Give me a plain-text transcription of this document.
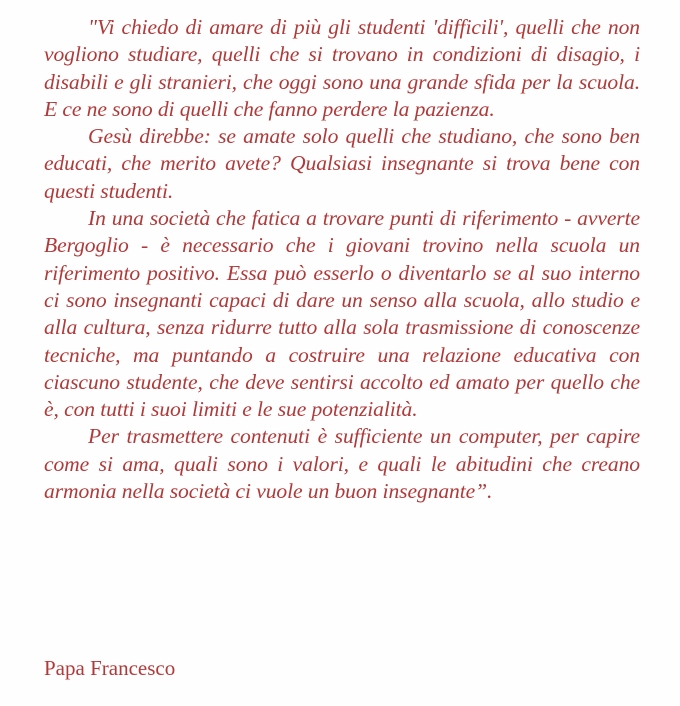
"Vi chiedo di amare di più gli studenti 'difficili', quelli che non vogliono studiare, quelli che si trovano in condizioni di disagio, i disabili e gli stranieri, che oggi sono una grande sfida per la scuola. E ce ne sono di quelli che fanno perdere la pazienza.

Gesù direbbe: se amate solo quelli che studiano, che sono ben educati, che merito avete? Qualsiasi insegnante si trova bene con questi studenti.

In una società che fatica a trovare punti di riferimento - avverte Bergoglio - è necessario che i giovani trovino nella scuola un riferimento positivo. Essa può esserlo o diventarlo se al suo interno ci sono insegnanti capaci di dare un senso alla scuola, allo studio e alla cultura, senza ridurre tutto alla sola trasmissione di conoscenze tecniche, ma puntando a costruire una relazione educativa con ciascuno studente, che deve sentirsi accolto ed amato per quello che è, con tutti i suoi limiti e le sue potenzialità.

Per trasmettere contenuti è sufficiente un computer, per capire come si ama, quali sono i valori, e quali le abitudini che creano armonia nella società ci vuole un buon insegnante”.

Papa Francesco
